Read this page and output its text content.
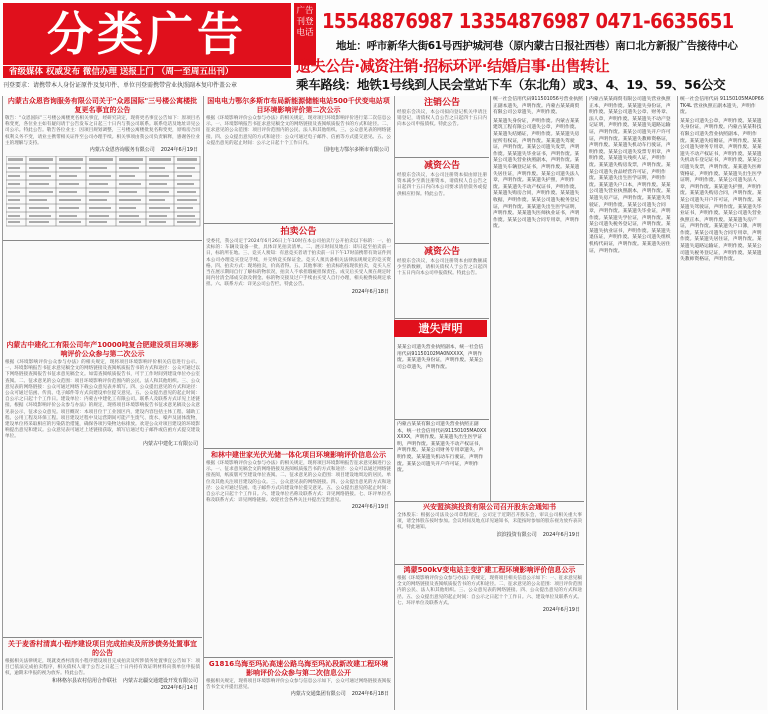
分类广告
省级媒体 权威发布 微信办理 送报上门 （周一至周五出刊）
广告
刊登
电话 15548876987 13354876987 0471-6635651
地址：呼市新华大街61号西护城河巷（原内蒙古日报社西巷）南口北方新报广告接待中心
遗失公告·减资注销·招标环评·结婚启事·出售转让
乘车路线：地铁1号线到人民会堂站下车（东北角）或3、4、19、59、56公交
刊登要求：请携带本人身份证原件及复印件、单位刊登需携带营业执照副本复印件盖公章
内蒙古众恩咨询服务有限公司关于"众恩国际"三号楼公寓楼批复更名事宜的公告
敬告：“众恩国际”三号楼公寓楼更名相关事宜，经研究决定，现将更名事宜公告如下：原项目名称变更，各位业主如有疑问请于公告发布之日起三十日内与我公司联系。联系电话及地址详见公司公示。特此公告。敬告各位业主：因项目规划调整，三号楼公寓楼批复名称变更，原购房合同权利义务不变，请业主携带相关证件至公司办理手续。相关事项由我公司负责解释，感谢各位业主的理解与支持。
内蒙古众恩咨询服务有限公司 2024年6月19日
内蒙古中建化工有限公司年产10000吨复合肥建设项目环境影响评价公众参与第二次公示
根据《环境影响评价公众参与办法》的相关规定，现将项目环境影响评价相关信息进行公示。一、环境影响报告书征求意见稿全文的网络链接及查阅纸质报告书的方式和途径：公众可通过以下网络链接查阅报告书征求意见稿全文。如需查阅纸质报告书，可于工作时间到建设单位办公室查阅。二、征求意见的公众范围：项目环境影响评价范围内的公民、法人和其他组织。三、公众意见表的网络链接：公众可通过网络下载公众意见表并填写。四、公众提出意见的方式和途径：公众可通过信函、传真、电子邮件等方式向建设单位提交意见。五、公众提出意见的起止时间：自公示之日起十个工作日。建设单位：内蒙古中建化工有限公司。联系人及联系方式详见上述链接。根据《环境影响评价公众参与办法》的规定，现将项目环境影响报告书征求意见稿及公众意见表公示，征求公众意见。项目概况：本项目位于工业园区内，建设内容包括主体工程、辅助工程、公用工程及环保工程。项目建设过程中及运营期间可能产生废气、废水、噪声及固体废物，建设单位将采取相应的污染防治措施，确保各项污染物达标排放。欢迎公众对项目建设的环境影响提出意见和建议。公众意见表可通过上述链接获取，填写后通过电子邮件或信函方式提交建设单位。
内蒙古中建化工有限公司
关于麦香村清真小程序建设项目完成拍卖及所涉债务处置事宜的公告
根据相关法律规定，现就麦香村清真小程序建设项目完成拍卖及所涉债务处置事宜公告如下：项目已依法完成拍卖程序，相关债权人请于公告之日起三十日内持有效证明材料向我单位申报债权，逾期未申报的视为放弃。特此公告。
和林格尔县农村信用合作联社 内蒙古北疆交通建设开发有限公司
2024年6月14日
国电电力鄂尔多斯市布局新能源储能电站500千伏变电站项目环境影响评价第二次公示
根据《环境影响评价公众参与办法》的相关规定，现对项目环境影响评价进行第二次信息公示。一、环境影响报告书征求意见稿全文的网络链接及查阅纸质报告书的方式和途径。二、征求意见的公众范围：项目评价范围内的公民、法人和其他组织。三、公众意见表的网络链接。四、公众提出意见的方式和途径：公众可通过电子邮件、信函等方式提交意见。五、公众提出意见的起止时间：公示之日起十个工作日内。
国电电力鄂尔多斯市有限公司
拍卖公告
受委托，我公司定于2024年6月26日上午10时在本公司拍卖厅公开拍卖以下标的：一、拍卖标的：车辆及设备一批，具体详见拍卖清单。二、展示时间及地点：即日起至拍卖前一日，标的所在地。三、竞买人须知：有意竞买者请于拍卖前一日下午17时前携带有效证件到本公司办理竞买登记手续，并交纳竞买保证金。竞买人须具备相关法律法规规定的竞买资格。四、拍卖方式：现场拍卖，价高者得。五、其他事项：拍卖标的按现状拍卖，竞买人应当在展示期间自行了解标的物状况，拍卖人不承担瑕疵担保责任。成交后买受人须在规定时间内付清全部成交款及佣金。标的物交接及过户手续由买受人自行办理，相关税费按规定承担。六、联系方式：详见公司公告栏。特此公告。
2024年6月18日
和林中建世家光伏光储一体化项目环境影响评价信息公示
根据《环境影响评价公众参与办法》的相关规定，现将项目环境影响报告征求意见稿进行公示。一、征求意见稿全文的网络链接及查阅纸质报告书的方式和途径：公众可以通过网络链接查阅，纸质版可至建设单位查阅。二、征求意见的公众范围：项目建设地周边的居民、单位及其他关注项目建设的公众。三、公众意见表的网络链接。四、公众提出意见的方式和途径：公众可通过信函、电子邮件方式向建设单位提交意见。五、公众提出意见的起止时间：自公示之日起十个工作日。六、建设单位名称及联系方式：详见网络链接。七、环评单位名称及联系方式：详见网络链接。欢迎社会各界关注并提出宝贵意见。
2024年6月19日
G1816乌海至玛沁高速公路乌海至玛沁段新改建工程环境影响评价公众参与第二次信息公开
根据相关规定，现将项目环境影响评价公众参与信息公示如下，公众可通过网络链接查阅报告书全文并提出意见。
内蒙古交通集团有限公司 2024年6月18日
注销公告
经股东会决议，本公司拟向登记机关申请注销登记，请债权人自公告之日起四十五日内向本公司申报债权。特此公告。
减资公告
经股东会决议，本公司注册资本拟由原注册资本减少至新注册资本，请债权人自公告之日起四十五日内向本公司要求清偿债务或提供相应担保。特此公告。
减资公告
经股东会决议，本公司注册资本由原数额减少至新数额，请相关债权人于公告之日起四十五日内向本公司申报债权。特此公告。
某某公司遗失营业执照副本，统一社会信用代码91150102MA0NXXXX，声明作废。某某遗失身份证，声明作废。某某公司公章遗失，声明作废。
内蒙古某某有限公司遗失营业执照正副本，统一社会信用代码91150105MA0XXXXXX，声明作废。某某遗失出生医学证明，声明作废。某某遗失不动产权证书，声明作废。某某公司财务专用章遗失，声明作废。某某遗失机动车行驶证，声明作废。某某公司遗失开户许可证，声明作废。
遗失声明
兴安盟滨滨投资有限公司召开股东会通知书
全体股东：根据公司法及公司章程规定，公司定于近期召开股东会，审议公司相关重大事项，请全体股东按时参加。会议时间及地点详见通知书，未能按时参加的股东视为放弃表决权。特此通知。
滨滨投资有限公司 2024年6月19日
鸿蒙500kV变电站主变扩建工程环境影响评价信息公示
根据《环境影响评价公众参与办法》的规定，现将项目相关信息公示如下：一、征求意见稿全文的网络链接及查阅纸质报告书的方式和途径。二、征求意见的公众范围：项目评价范围内的公民、法人和其他组织。三、公众意见表的网络链接。四、公众提出意见的方式和途径。五、公众提出意见的起止时间：自公示之日起十个工作日。六、建设单位及联系方式。七、环评单位及联系方式。
2024年6月19日
统一社会信用代码911501056号营业执照正副本遗失，声明作废。内蒙古某某商贸有限公司公章遗失，声明作废。
某某遗失身份证，声明作废。内蒙古某某建筑工程有限公司遗失公章，声明作废。某某遗失结婚证，声明作废。某某遗失房屋所有权证，声明作废。某某遗失驾驶证，声明作废。某某公司遗失发票，声明作废。某某遗失毕业证书，声明作废。某某公司遗失营业执照副本，声明作废。某某遗失车辆登记证书，声明作废。某某遗失居住证，声明作废。某某公司遗失法人章，声明作废。某某遗失护照，声明作废。某某遗失不动产权证书，声明作废。某某遗失购房合同，声明作废。某某遗失收据，声明作废。某某公司遗失税务登记证，声明作废。某某遗失出生医学证明，声明作废。某某遗失医师执业证书，声明作废。某某公司遗失合同专用章，声明作废。
内蒙古某某商贸有限公司遗失营业执照正本，声明作废。某某遗失身份证，声明作废。某某公司遗失公章、财务章、法人章，声明作废。某某遗失不动产登记证明，声明作废。某某遗失道路运输证，声明作废。某某公司遗失开户许可证，声明作废。某某遗失教师资格证，声明作废。某某遗失机动车行驶证，声明作废。某某公司遗失发票专用章，声明作废。某某遗失残疾人证，声明作废。某某遗失购房发票，声明作废。某某公司遗失食品经营许可证，声明作废。某某遗失出生医学证明，声明作废。某某遗失户口本，声明作废。某某公司遗失营业执照副本，声明作废。某某遗失房产证，声明作废。某某遗失驾驶证，声明作废。某某公司遗失合同章，声明作废。某某遗失毕业证，声明作废。某某遗失学位证，声明作废。某某公司遗失税务登记证，声明作废。某某遗失执业证书，声明作废。某某遗失退伍证，声明作废。某某公司遗失组织机构代码证，声明作废。某某遗失居住证，声明作废。
统一社会信用代码 91150105MA0P66TK4L 营业执照正副本遗失，声明作废。
某某公司遗失公章，声明作废。某某遗失身份证，声明作废。内蒙古某某科技有限公司遗失营业执照副本，声明作废。某某遗失结婚证，声明作废。某某公司遗失财务专用章，声明作废。某某遗失不动产权证书，声明作废。某某遗失机动车登记证书，声明作废。某某公司遗失发票，声明作废。某某遗失医师资格证，声明作废。某某遗失出生医学证明，声明作废。某某公司遗失法人章，声明作废。某某遗失护照，声明作废。某某遗失购房合同，声明作废。某某公司遗失开户许可证，声明作废。某某遗失驾驶证，声明作废。某某遗失毕业证书，声明作废。某某公司遗失营业执照正本，声明作废。某某遗失房产证，声明作废。某某遗失户口簿，声明作废。某某公司遗失合同专用章，声明作废。某某遗失居住证，声明作废。某某遗失道路运输证，声明作废。某某公司遗失税务登记证，声明作废。某某遗失教师资格证，声明作废。
